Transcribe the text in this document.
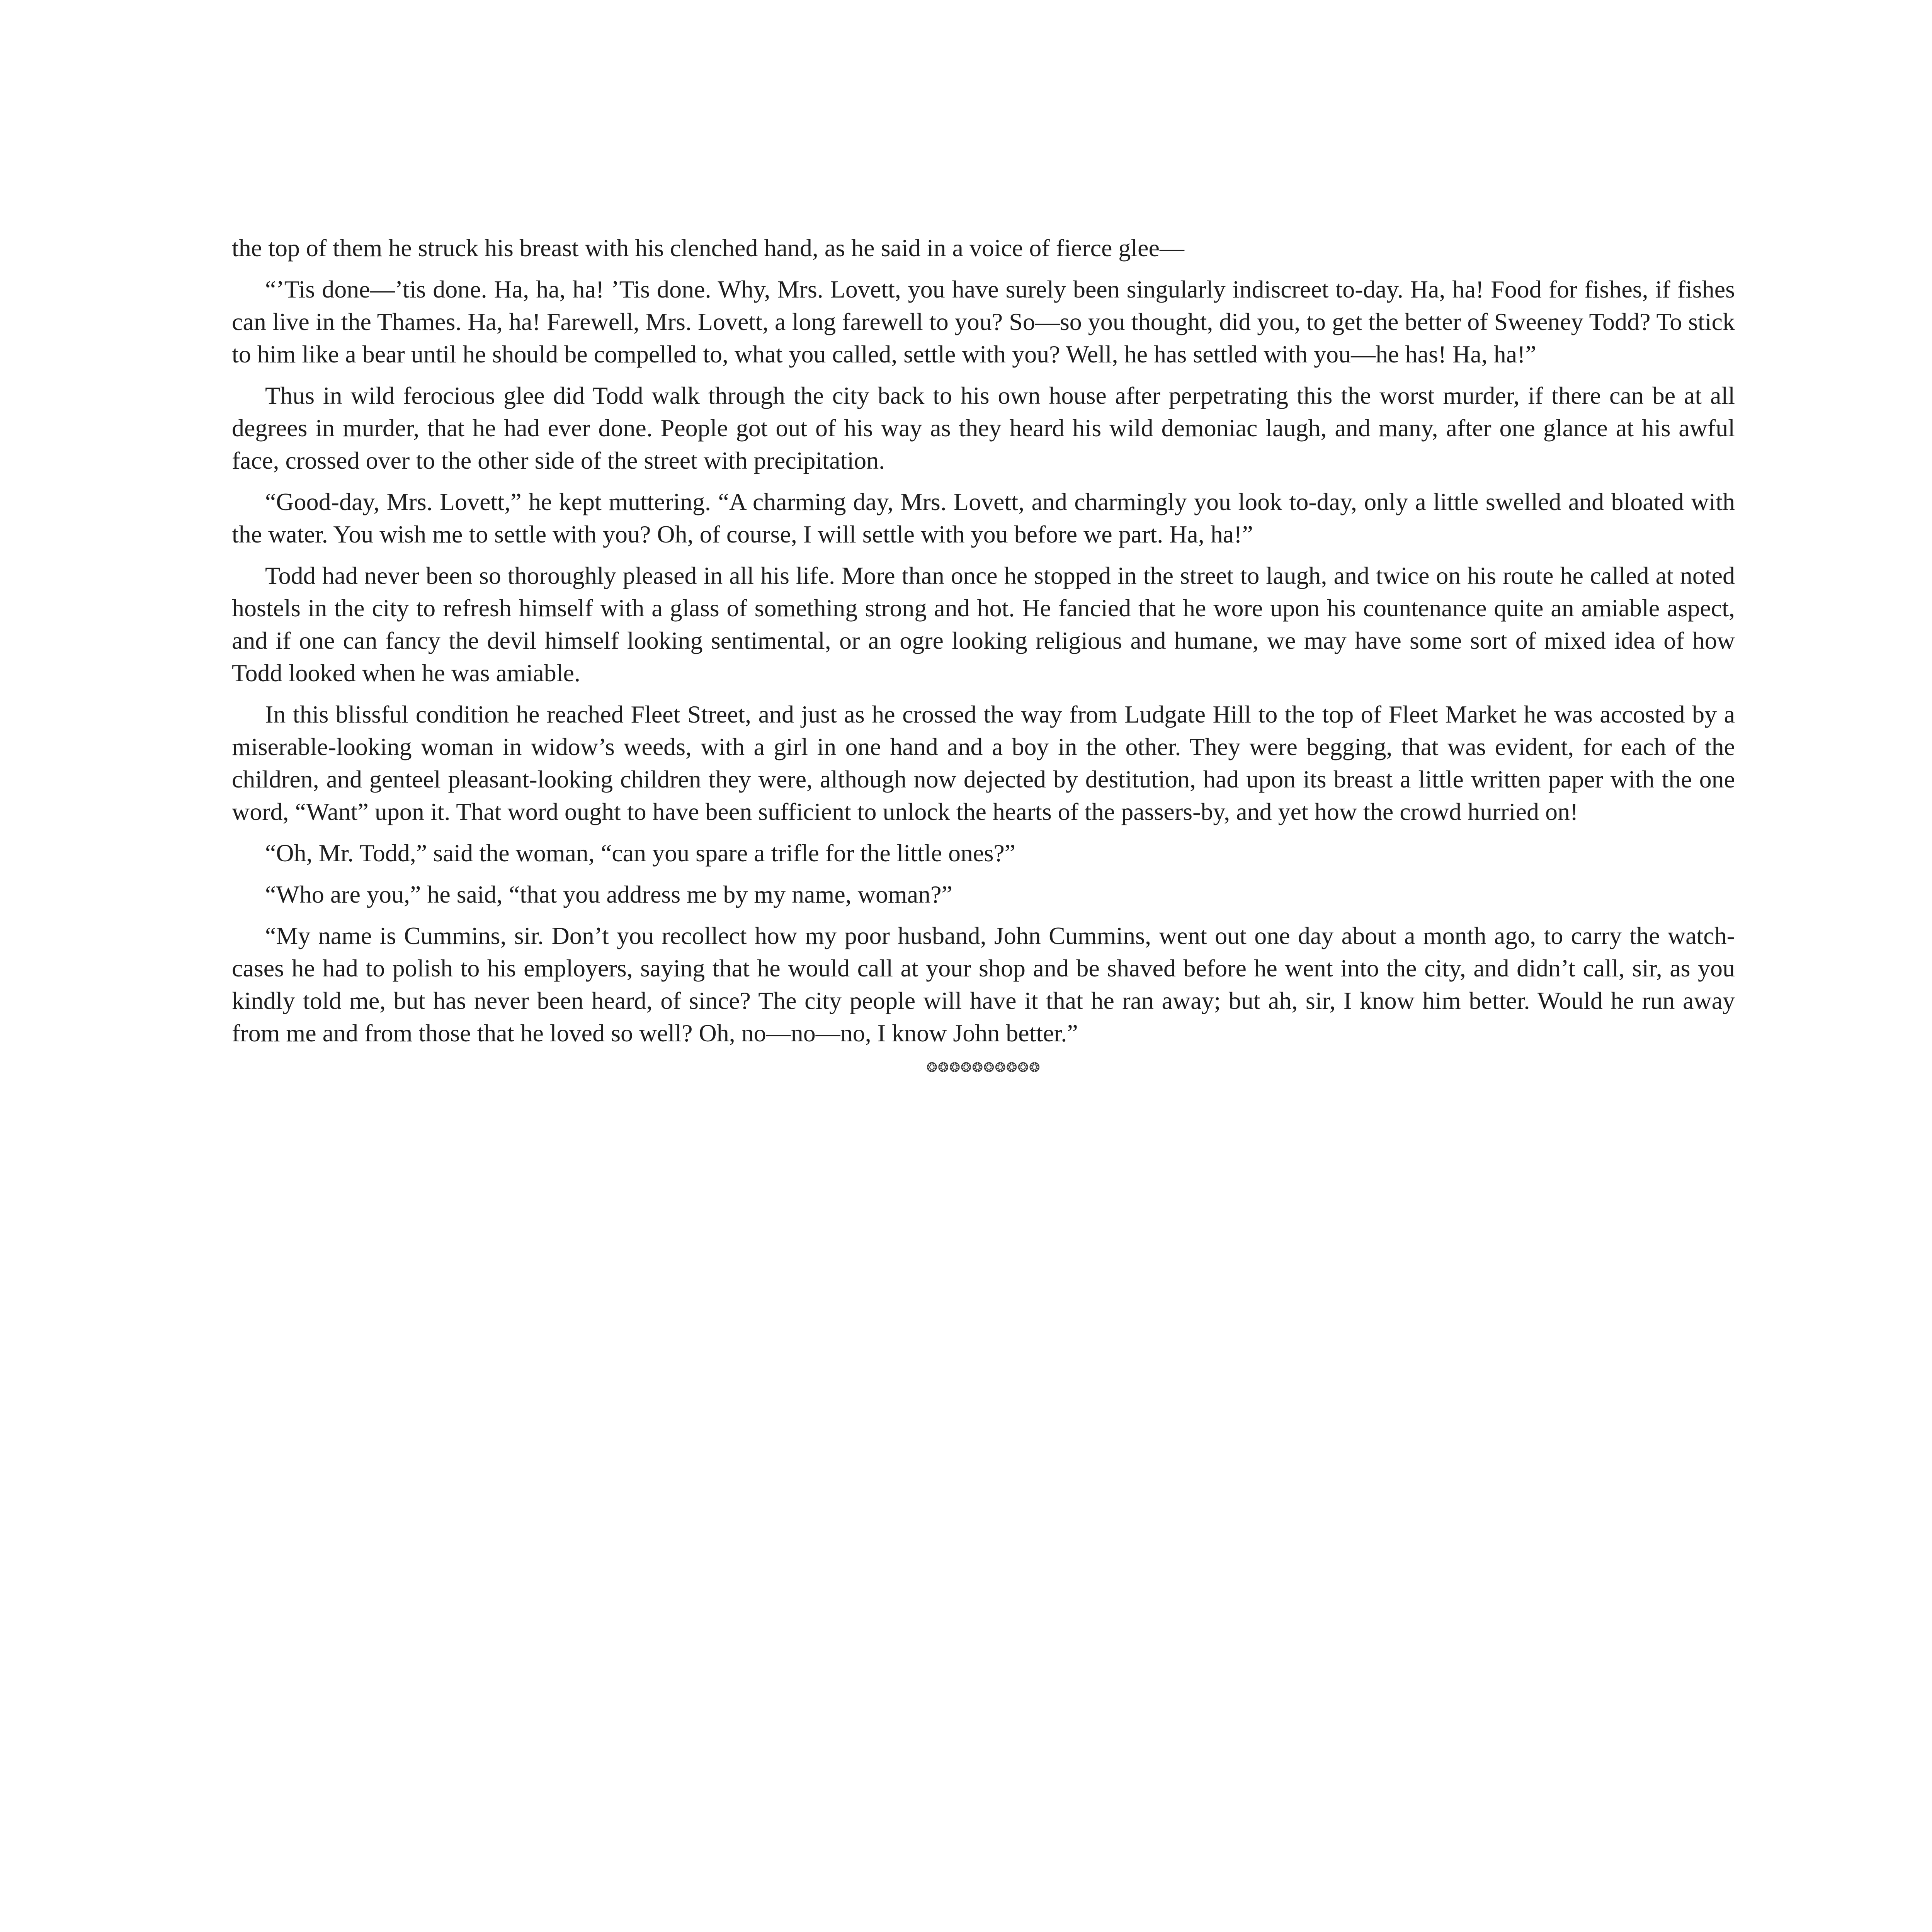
the top of them he struck his breast with his clenched hand, as he said in a voice of fierce glee—

“’Tis done—’tis done. Ha, ha, ha! ’Tis done. Why, Mrs. Lovett, you have surely been singularly indiscreet to-day. Ha, ha! Food for fishes, if fishes can live in the Thames. Ha, ha! Farewell, Mrs. Lovett, a long farewell to you? So—so you thought, did you, to get the better of Sweeney Todd? To stick to him like a bear until he should be compelled to, what you called, settle with you? Well, he has settled with you—he has! Ha, ha!”

Thus in wild ferocious glee did Todd walk through the city back to his own house after perpetrating this the worst murder, if there can be at all degrees in murder, that he had ever done. People got out of his way as they heard his wild demoniac laugh, and many, after one glance at his awful face, crossed over to the other side of the street with precipitation.

“Good-day, Mrs. Lovett,” he kept muttering. “A charming day, Mrs. Lovett, and charmingly you look to-day, only a little swelled and bloated with the water. You wish me to settle with you? Oh, of course, I will settle with you before we part. Ha, ha!”

Todd had never been so thoroughly pleased in all his life. More than once he stopped in the street to laugh, and twice on his route he called at noted hostels in the city to refresh himself with a glass of something strong and hot. He fancied that he wore upon his countenance quite an amiable aspect, and if one can fancy the devil himself looking sentimental, or an ogre looking religious and humane, we may have some sort of mixed idea of how Todd looked when he was amiable.

In this blissful condition he reached Fleet Street, and just as he crossed the way from Ludgate Hill to the top of Fleet Market he was accosted by a miserable-looking woman in widow’s weeds, with a girl in one hand and a boy in the other. They were begging, that was evident, for each of the children, and genteel pleasant-looking children they were, although now dejected by destitution, had upon its breast a little written paper with the one word, “Want” upon it. That word ought to have been sufficient to unlock the hearts of the passers-by, and yet how the crowd hurried on!

“Oh, Mr. Todd,” said the woman, “can you spare a trifle for the little ones?”

“Who are you,” he said, “that you address me by my name, woman?”

“My name is Cummins, sir. Don’t you recollect how my poor husband, John Cummins, went out one day about a month ago, to carry the watch-cases he had to polish to his employers, saying that he would call at your shop and be shaved before he went into the city, and didn’t call, sir, as you kindly told me, but has never been heard, of since? The city people will have it that he ran away; but ah, sir, I know him better. Would he run away from me and from those that he loved so well? Oh, no—no—no, I know John better.”

❂❂❂❂❂❂❂❂❂❂
